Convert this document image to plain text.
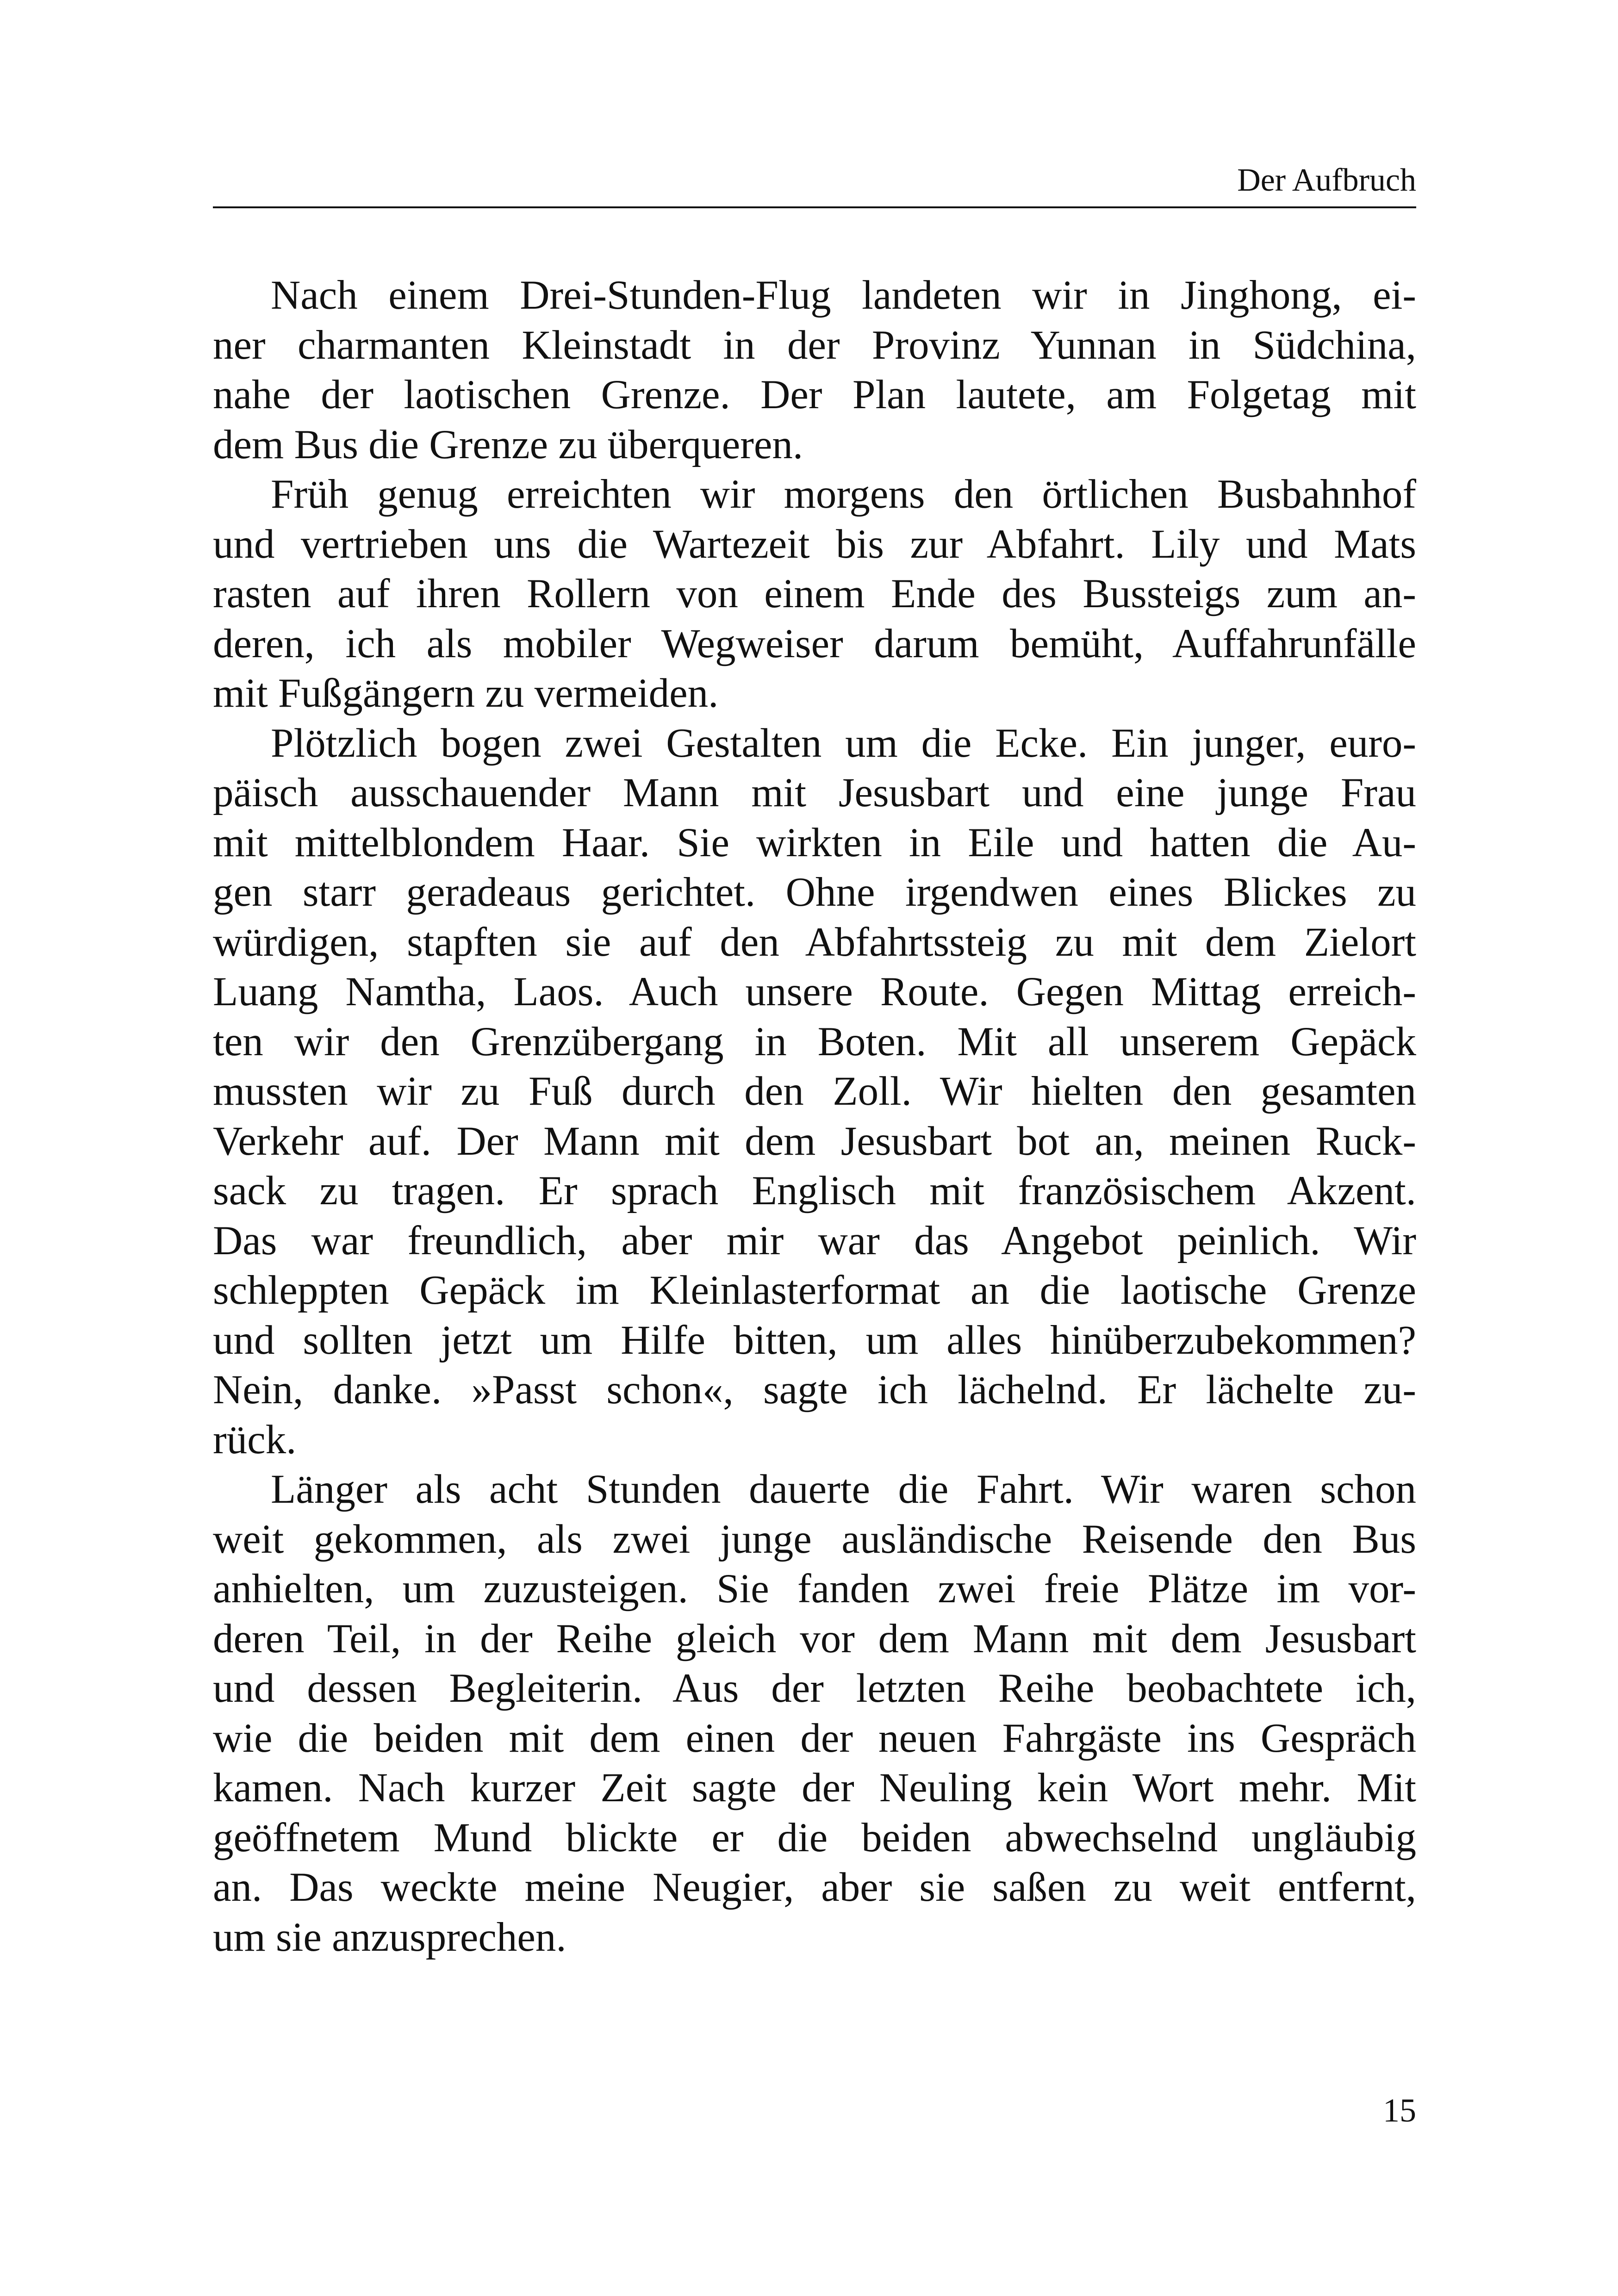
Der Aufbruch
Nach einem Drei-Stunden-Flug landeten wir in Jinghong, ei-
ner charmanten Kleinstadt in der Provinz Yunnan in Südchina,
nahe der laotischen Grenze. Der Plan lautete, am Folgetag mit
dem Bus die Grenze zu überqueren.
Früh genug erreichten wir morgens den örtlichen Busbahnhof
und vertrieben uns die Wartezeit bis zur Abfahrt. Lily und Mats
rasten auf ihren Rollern von einem Ende des Bussteigs zum an-
deren, ich als mobiler Wegweiser darum bemüht, Auffahrunfälle
mit Fußgängern zu vermeiden.
Plötzlich bogen zwei Gestalten um die Ecke. Ein junger, euro-
päisch ausschauender Mann mit Jesusbart und eine junge Frau
mit mittelblondem Haar. Sie wirkten in Eile und hatten die Au-
gen starr geradeaus gerichtet. Ohne irgendwen eines Blickes zu
würdigen, stapften sie auf den Abfahrtssteig zu mit dem Zielort
Luang Namtha, Laos. Auch unsere Route. Gegen Mittag erreich-
ten wir den Grenzübergang in Boten. Mit all unserem Gepäck
mussten wir zu Fuß durch den Zoll. Wir hielten den gesamten
Verkehr auf. Der Mann mit dem Jesusbart bot an, meinen Ruck-
sack zu tragen. Er sprach Englisch mit französischem Akzent.
Das war freundlich, aber mir war das Angebot peinlich. Wir
schleppten Gepäck im Kleinlasterformat an die laotische Grenze
und sollten jetzt um Hilfe bitten, um alles hinüberzubekommen?
Nein, danke. »Passt schon«, sagte ich lächelnd. Er lächelte zu-
rück.
Länger als acht Stunden dauerte die Fahrt. Wir waren schon
weit gekommen, als zwei junge ausländische Reisende den Bus
anhielten, um zuzusteigen. Sie fanden zwei freie Plätze im vor-
deren Teil, in der Reihe gleich vor dem Mann mit dem Jesusbart
und dessen Begleiterin. Aus der letzten Reihe beobachtete ich,
wie die beiden mit dem einen der neuen Fahrgäste ins Gespräch
kamen. Nach kurzer Zeit sagte der Neuling kein Wort mehr. Mit
geöffnetem Mund blickte er die beiden abwechselnd ungläubig
an. Das weckte meine Neugier, aber sie saßen zu weit entfernt,
um sie anzusprechen.
15
